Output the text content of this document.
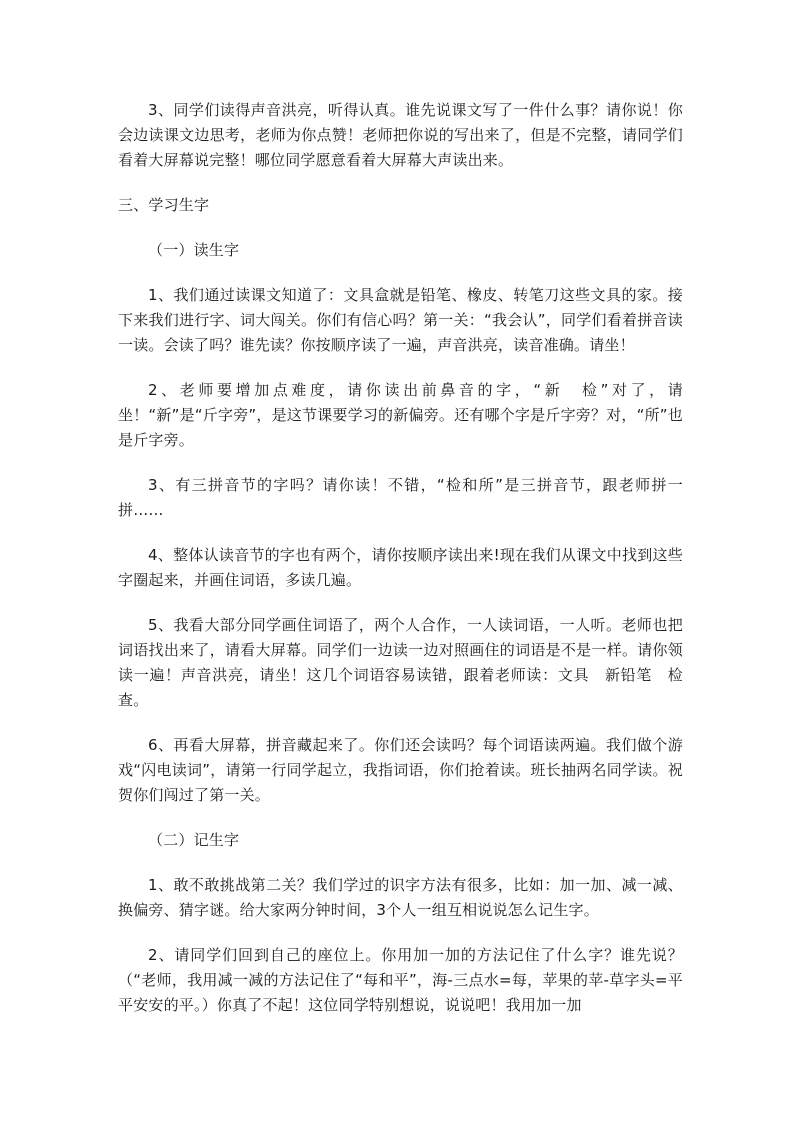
3、同学们读得声音洪亮，听得认真。谁先说课文写了一件什么事？请你说！你会边读课文边思考，老师为你点赞！老师把你说的写出来了，但是不完整，请同学们看着大屏幕说完整！哪位同学愿意看着大屏幕大声读出来。

三、学习生字

（一）读生字

1、我们通过读课文知道了：文具盒就是铅笔、橡皮、转笔刀这些文具的家。接下来我们进行字、词大闯关。你们有信心吗？第一关：“我会认”，同学们看着拼音读一读。会读了吗？谁先读？你按顺序读了一遍，声音洪亮，读音准确。请坐！

2、老师要增加点难度，请你读出前鼻音的字，“新　检”对了，请坐！“新”是“斤字旁”，是这节课要学习的新偏旁。还有哪个字是斤字旁？对，“所”也是斤字旁。

3、有三拼音节的字吗？请你读！不错，“检和所”是三拼音节，跟老师拼一拼……

4、整体认读音节的字也有两个，请你按顺序读出来!现在我们从课文中找到这些字圈起来，并画住词语，多读几遍。

5、我看大部分同学画住词语了，两个人合作，一人读词语，一人听。老师也把词语找出来了，请看大屏幕。同学们一边读一边对照画住的词语是不是一样。请你领读一遍！声音洪亮，请坐！这几个词语容易读错，跟着老师读：文具　新铅笔　检查。

6、再看大屏幕，拼音藏起来了。你们还会读吗？每个词语读两遍。我们做个游戏“闪电读词”，请第一行同学起立，我指词语，你们抢着读。班长抽两名同学读。祝贺你们闯过了第一关。

（二）记生字

1、敢不敢挑战第二关？我们学过的识字方法有很多，比如：加一加、减一减、换偏旁、猜字谜。给大家两分钟时间，3个人一组互相说说怎么记生字。

2、请同学们回到自己的座位上。你用加一加的方法记住了什么字？谁先说？（“老师，我用减一减的方法记住了“每和平”，海-三点水=每，苹果的苹-草字头=平平安安的平。）你真了不起！这位同学特别想说，说说吧！我用加一加
